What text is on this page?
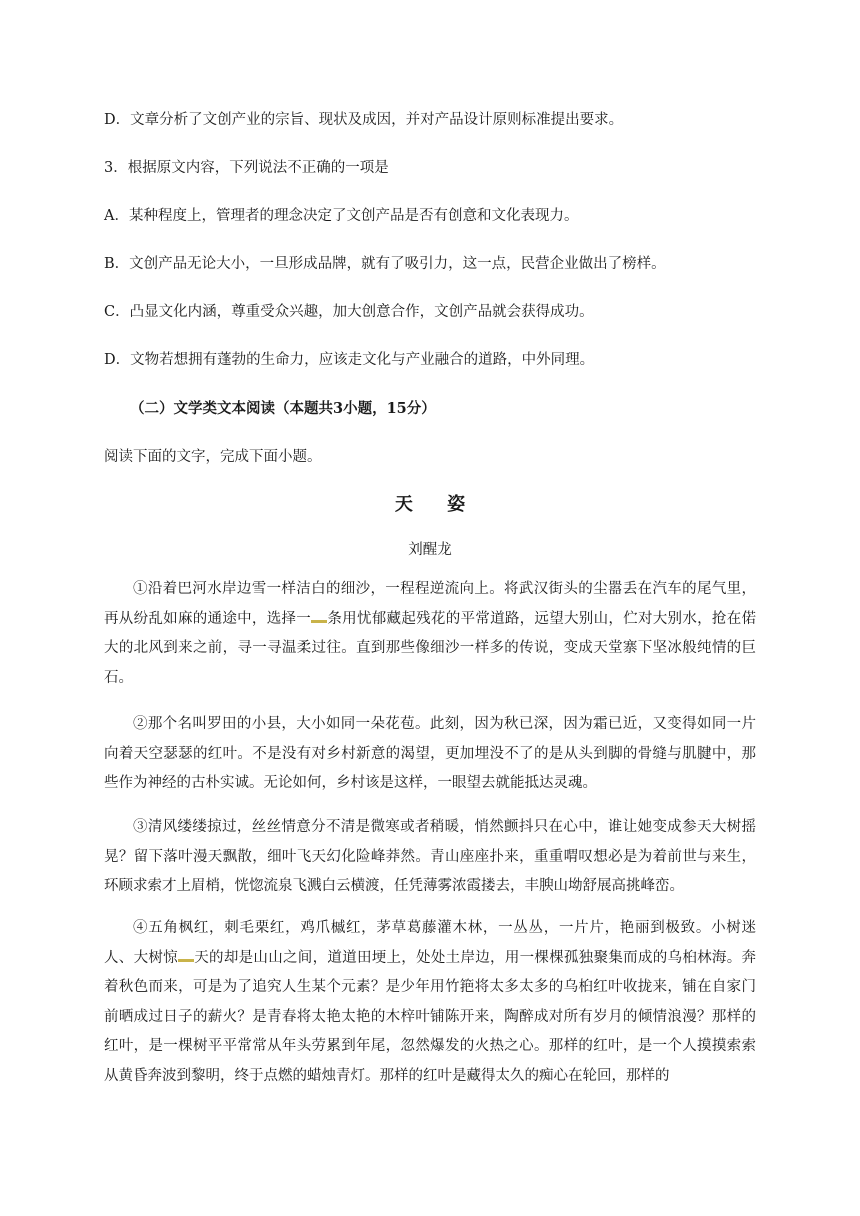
D．文章分析了文创产业的宗旨、现状及成因，并对产品设计原则标准提出要求。
3．根据原文内容，下列说法不正确的一项是
A．某种程度上，管理者的理念决定了文创产品是否有创意和文化表现力。
B．文创产品无论大小，一旦形成品牌，就有了吸引力，这一点，民营企业做出了榜样。
C．凸显文化内涵，尊重受众兴趣，加大创意合作，文创产品就会获得成功。
D．文物若想拥有蓬勃的生命力，应该走文化与产业融合的道路，中外同理。
（二）文学类文本阅读（本题共3小题，15分）
阅读下面的文字，完成下面小题。
天 姿
刘醒龙
①沿着巴河水岸边雪一样洁白的细沙，一程程逆流向上。将武汉街头的尘嚣丢在汽车的尾气里，再从纷乱如麻的通途中，选择一 条用忧郁藏起残花的平常道路，远望大别山，伫对大别水，抢在偌大的北风到来之前，寻一寻温柔过往。直到那些像细沙一样多的传说，变成天堂寨下坚冰般纯情的巨石。
②那个名叫罗田的小县，大小如同一朵花苞。此刻，因为秋已深，因为霜已近，又变得如同一片向着天空瑟瑟的红叶。不是没有对乡村新意的渴望，更加埋没不了的是从头到脚的骨缝与肌腱中，那些作为神经的古朴实诚。无论如何，乡村该是这样，一眼望去就能抵达灵魂。
③清风缕缕掠过，丝丝情意分不清是微寒或者稍暖，悄然颤抖只在心中，谁让她变成参天大树摇晃？留下落叶漫天飘散，细叶飞天幻化险峰莽然。青山座座扑来，重重喟叹想必是为着前世与来生，环顾求索才上眉梢，恍惚流泉飞溅白云横渡，任凭薄雾浓霞搂去，丰腴山坳舒展高挑峰峦。
④五角枫红，刺毛栗红，鸡爪槭红，茅草葛藤灌木林，一丛丛，一片片，艳丽到极致。小树迷人、大树惊 天的却是山山之间，道道田埂上，处处土岸边，用一棵棵孤独聚集而成的乌桕林海。奔着秋色而来，可是为了追究人生某个元素？是少年用竹筢将太多太多的乌桕红叶收拢来，铺在自家门前晒成过日子的薪火？是青春将太艳太艳的木梓叶铺陈开来，陶醉成对所有岁月的倾情浪漫？那样的红叶，是一棵树平平常常从年头劳累到年尾，忽然爆发的火热之心。那样的红叶，是一个人摸摸索索从黄昏奔波到黎明，终于点燃的蜡烛青灯。那样的红叶是藏得太久的痴心在轮回，那样的
